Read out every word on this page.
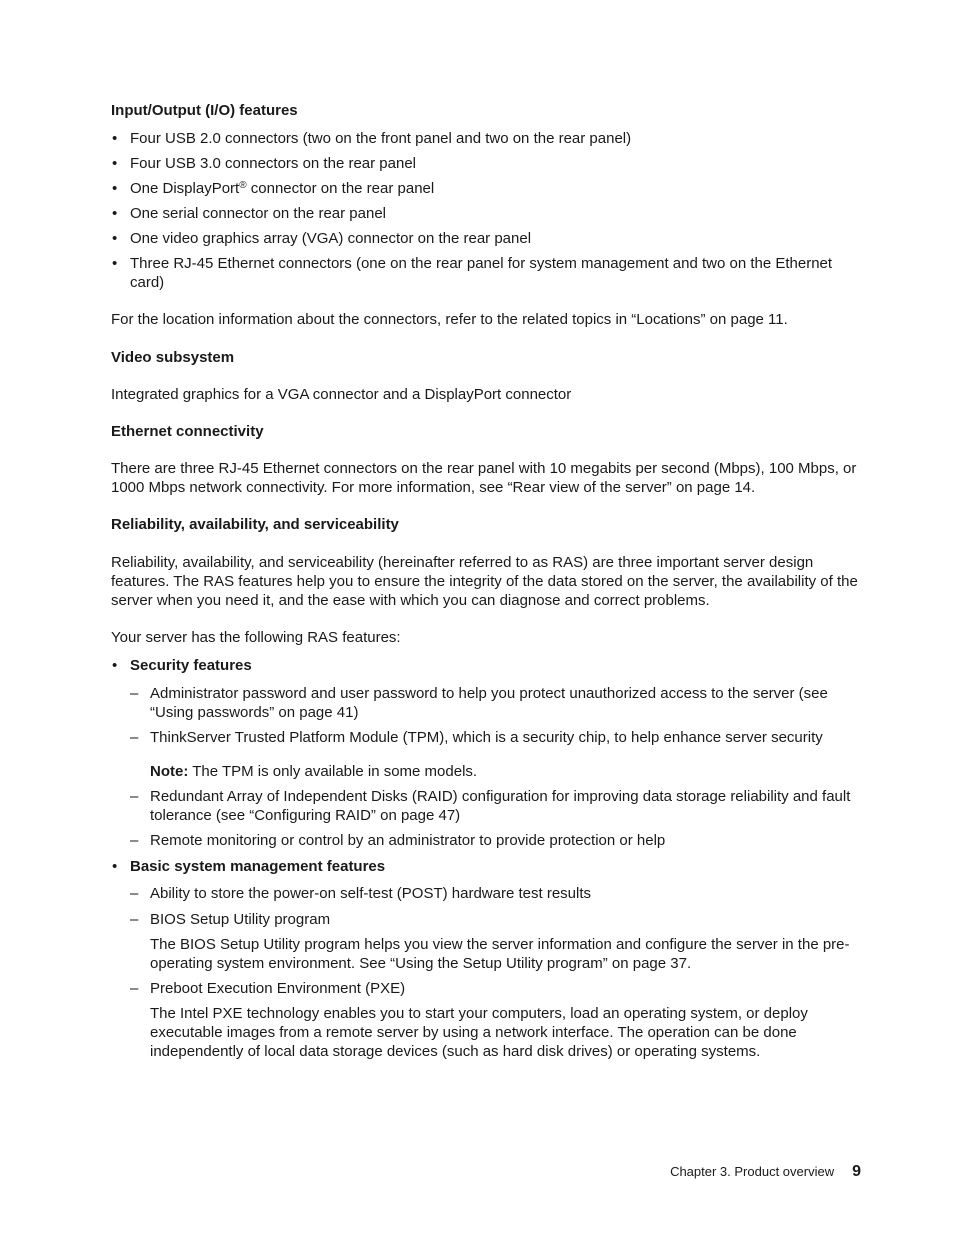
Input/Output (I/O) features
• Four USB 2.0 connectors (two on the front panel and two on the rear panel)
• Four USB 3.0 connectors on the rear panel
• One DisplayPort® connector on the rear panel
• One serial connector on the rear panel
• One video graphics array (VGA) connector on the rear panel
• Three RJ-45 Ethernet connectors (one on the rear panel for system management and two on the Ethernet card)

For the location information about the connectors, refer to the related topics in “Locations” on page 11.

Video subsystem

Integrated graphics for a VGA connector and a DisplayPort connector

Ethernet connectivity

There are three RJ-45 Ethernet connectors on the rear panel with 10 megabits per second (Mbps), 100 Mbps, or 1000 Mbps network connectivity. For more information, see “Rear view of the server” on page 14.

Reliability, availability, and serviceability

Reliability, availability, and serviceability (hereinafter referred to as RAS) are three important server design features. The RAS features help you to ensure the integrity of the data stored on the server, the availability of the server when you need it, and the ease with which you can diagnose and correct problems.

Your server has the following RAS features:

• Security features
– Administrator password and user password to help you protect unauthorized access to the server (see “Using passwords” on page 41)
– ThinkServer Trusted Platform Module (TPM), which is a security chip, to help enhance server security

Note: The TPM is only available in some models.

– Redundant Array of Independent Disks (RAID) configuration for improving data storage reliability and fault tolerance (see “Configuring RAID” on page 47)
– Remote monitoring or control by an administrator to provide protection or help
• Basic system management features
– Ability to store the power-on self-test (POST) hardware test results
– BIOS Setup Utility program

The BIOS Setup Utility program helps you view the server information and configure the server in the pre-operating system environment. See “Using the Setup Utility program” on page 37.

– Preboot Execution Environment (PXE)

The Intel PXE technology enables you to start your computers, load an operating system, or deploy executable images from a remote server by using a network interface. The operation can be done independently of local data storage devices (such as hard disk drives) or operating systems.

Chapter 3. Product overview 9
